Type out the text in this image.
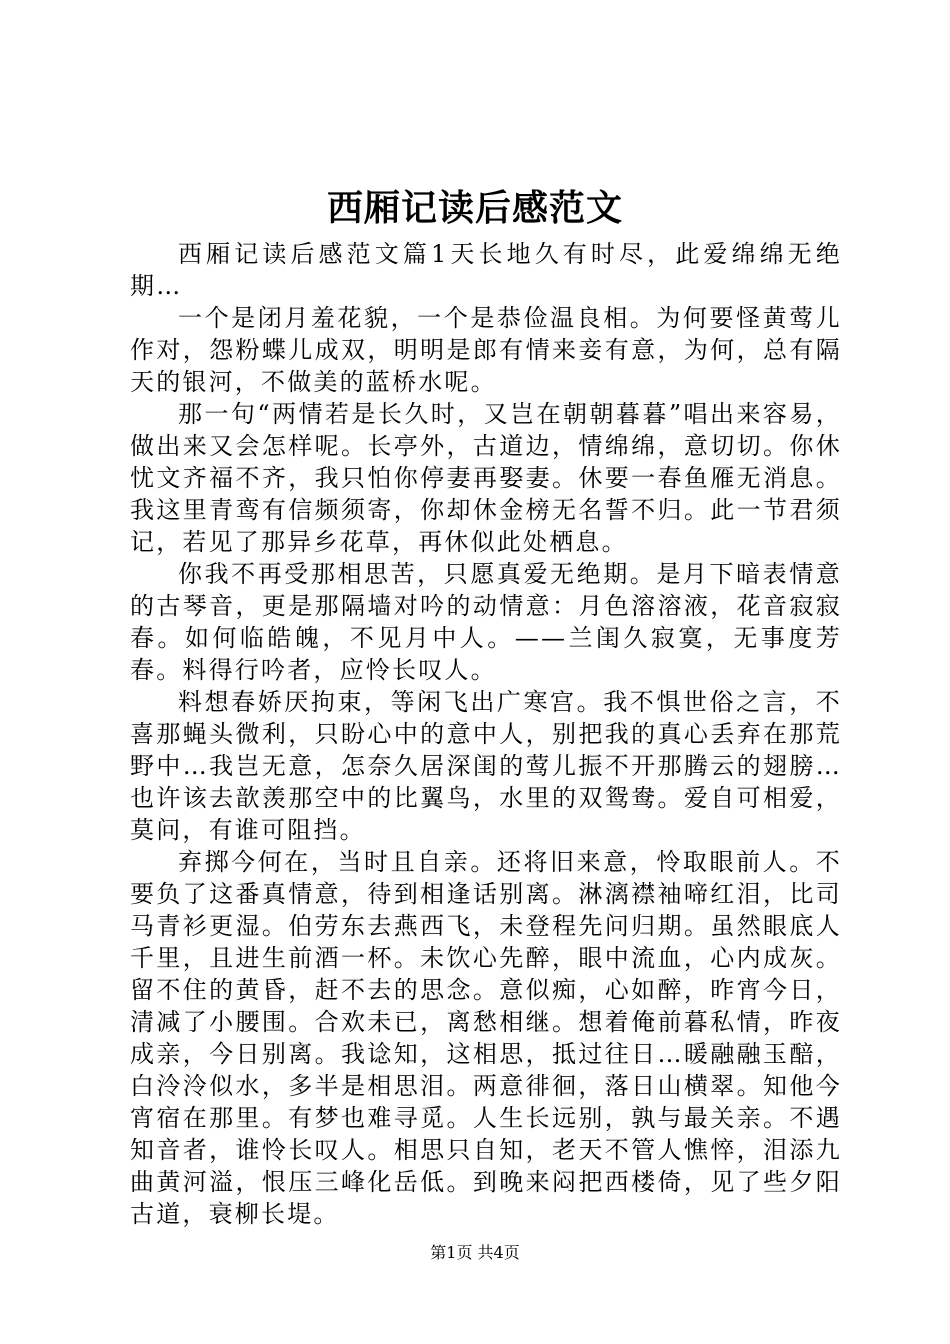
西厢记读后感范文

西厢记读后感范文篇1天长地久有时尽，此爱绵绵无绝期…

一个是闭月羞花貌，一个是恭俭温良相。为何要怪黄莺儿作对，怨粉蝶儿成双，明明是郎有情来妾有意，为何，总有隔天的银河，不做美的蓝桥水呢。

那一句“两情若是长久时，又岂在朝朝暮暮”唱出来容易，做出来又会怎样呢。长亭外，古道边，情绵绵，意切切。你休忧文齐福不齐，我只怕你停妻再娶妻。休要一春鱼雁无消息。我这里青鸾有信频须寄，你却休金榜无名誓不归。此一节君须记，若见了那异乡花草，再休似此处栖息。

你我不再受那相思苦，只愿真爱无绝期。是月下暗表情意的古琴音，更是那隔墙对吟的动情意：月色溶溶液，花音寂寂春。如何临皓魄，不见月中人。——兰闺久寂寞，无事度芳春。料得行吟者，应怜长叹人。

料想春娇厌拘束，等闲飞出广寒宫。我不惧世俗之言，不喜那蝇头微利，只盼心中的意中人，别把我的真心丢弃在那荒野中…我岂无意，怎奈久居深闺的莺儿振不开那腾云的翅膀…也许该去歆羡那空中的比翼鸟，水里的双鸳鸯。爱自可相爱，莫问，有谁可阻挡。

弃掷今何在，当时且自亲。还将旧来意，怜取眼前人。不要负了这番真情意，待到相逢话别离。淋漓襟袖啼红泪，比司马青衫更湿。伯劳东去燕西飞，未登程先问归期。虽然眼底人千里，且进生前酒一杯。未饮心先醉，眼中流血，心内成灰。留不住的黄昏，赶不去的思念。意似痴，心如醉，昨宵今日，清减了小腰围。合欢未已，离愁相继。想着俺前暮私情，昨夜成亲，今日别离。我谂知，这相思，抵过往日…暖融融玉醅，白泠泠似水，多半是相思泪。两意徘徊，落日山横翠。知他今宵宿在那里。有梦也难寻觅。人生长远别，孰与最关亲。不遇知音者，谁怜长叹人。相思只自知，老天不管人憔悴，泪添九曲黄河溢，恨压三峰化岳低。到晚来闷把西楼倚，见了些夕阳古道，衰柳长堤。

第1页 共4页
